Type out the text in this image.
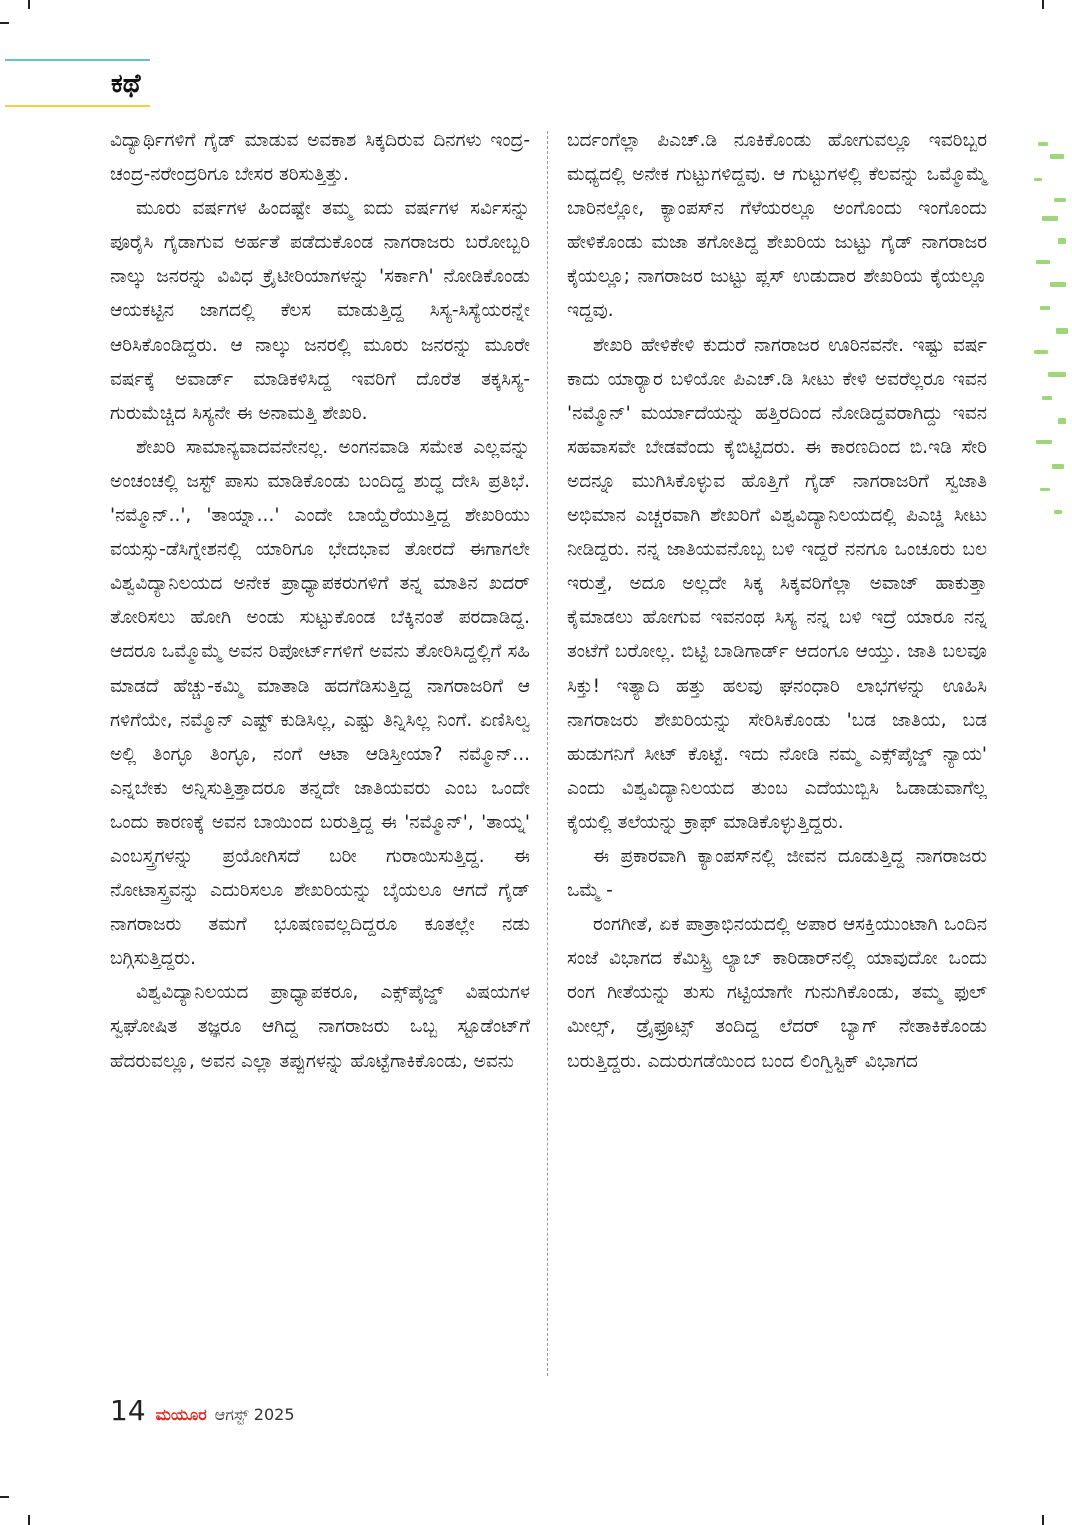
ಕಥೆ

ವಿದ್ಯಾರ್ಥಿಗಳಿಗೆ ಗೈಡ್ ಮಾಡುವ ಅವಕಾಶ ಸಿಕ್ಕದಿರುವ ದಿನಗಳು ಇಂದ್ರ-ಚಂದ್ರ-ನರೇಂದ್ರರಿಗೂ ಬೇಸರ ತರಿಸುತ್ತಿತ್ತು.

ಮೂರು ವರ್ಷಗಳ ಹಿಂದಷ್ಟೇ ತಮ್ಮ ಐದು ವರ್ಷಗಳ ಸರ್ವಿಸನ್ನು ಪೂರೈಸಿ ಗೈಡಾಗುವ ಅರ್ಹತೆ ಪಡೆದುಕೊಂಡ ನಾಗರಾಜರು ಬರೋಬ್ಬರಿ ನಾಲ್ಕು ಜನರನ್ನು ವಿವಿಧ ಕ್ರೈಟೀರಿಯಾಗಳನ್ನು 'ಸರ್ಕಾಗಿ' ನೋಡಿಕೊಂಡು ಆಯಕಟ್ಟಿನ ಜಾಗದಲ್ಲಿ ಕೆಲಸ ಮಾಡುತ್ತಿದ್ದ ಸಿಸ್ಯ-ಸಿಸ್ಯೆಯರನ್ನೇ ಆರಿಸಿಕೊಂಡಿದ್ದರು. ಆ ನಾಲ್ಕು ಜನರಲ್ಲಿ ಮೂರು ಜನರನ್ನು ಮೂರೇ ವರ್ಷಕ್ಕೆ ಅವಾರ್ಡ್ ಮಾಡಿಕಳಿಸಿದ್ದ ಇವರಿಗೆ ದೊರೆತ ತಕ್ಕಸಿಸ್ಯ-ಗುರುಮೆಚ್ಚಿದ ಸಿಸ್ಯನೇ ಈ ಅನಾಮತ್ತಿ ಶೇಖರಿ.

ಶೇಖರಿ ಸಾಮಾನ್ಯವಾದವನೇನಲ್ಲ. ಅಂಗನವಾಡಿ ಸಮೇತ ಎಲ್ಲವನ್ನು ಅಂಚಂಚಲ್ಲಿ ಜಸ್ಟ್ ಪಾಸು ಮಾಡಿಕೊಂಡು ಬಂದಿದ್ದ ಶುದ್ಧ ದೇಸಿ ಪ್ರತಿಭೆ. 'ನಮ್ಮೊನ್..', 'ತಾಯ್ನಾ...' ಎಂದೇ ಬಾಯ್ದೆರೆಯುತ್ತಿದ್ದ ಶೇಖರಿಯು ವಯಸ್ಸು-ಡೆಸಿಗ್ನೇಶನಲ್ಲಿ ಯಾರಿಗೂ ಭೇದಭಾವ ತೋರದೆ ಈಗಾಗಲೇ ವಿಶ್ವವಿದ್ಯಾನಿಲಯದ ಅನೇಕ ಪ್ರಾಧ್ಯಾಪಕರುಗಳಿಗೆ ತನ್ನ ಮಾತಿನ ಖದರ್ ತೋರಿಸಲು ಹೋಗಿ ಅಂಡು ಸುಟ್ಟುಕೊಂಡ ಬೆಕ್ಕಿನಂತೆ ಪರದಾಡಿದ್ದ. ಆದರೂ ಒಮ್ಮೊಮ್ಮೆ ಅವನ ರಿಪೋರ್ಟ್‌ಗಳಿಗೆ ಅವನು ತೋರಿಸಿದ್ದಲ್ಲಿಗೆ ಸಹಿ ಮಾಡದೆ ಹೆಚ್ಚು-ಕಮ್ಮಿ ಮಾತಾಡಿ ಹದಗೆಡಿಸುತ್ತಿದ್ದ ನಾಗರಾಜರಿಗೆ ಆ ಗಳಿಗೆಯೇ, ನಮ್ಮೊನ್ ಎಷ್ಟ್ ಕುಡಿಸಿಲ್ಲ, ಎಷ್ಟು ತಿನ್ನಿಸಿಲ್ಲ ನಿಂಗೆ. ಏಣಿಸಿಲ್ವ ಅಲ್ಲಿ ತಿಂಗ್ಳೂ ತಿಂಗ್ಳೂ, ನಂಗೆ ಆಟಾ ಆಡಿಸ್ತೀಯಾ? ನಮ್ಮೊನ್... ಎನ್ನಬೇಕು ಅನ್ನಿಸುತ್ತಿತ್ತಾದರೂ ತನ್ನದೇ ಜಾತಿಯವರು ಎಂಬ ಒಂದೇ ಒಂದು ಕಾರಣಕ್ಕೆ ಅವನ ಬಾಯಿಂದ ಬರುತ್ತಿದ್ದ ಈ 'ನಮ್ಮೊನ್', 'ತಾಯ್ನ' ಎಂಬಸ್ತ್ರಗಳನ್ನು ಪ್ರಯೋಗಿಸದೆ ಬರೀ ಗುರಾಯಿಸುತ್ತಿದ್ದ. ಈ ನೋಟಾಸ್ತ್ರವನ್ನು ಎದುರಿಸಲೂ ಶೇಖರಿಯನ್ನು ಬೈಯಲೂ ಆಗದೆ ಗೈಡ್ ನಾಗರಾಜರು ತಮಗೆ ಭೂಷಣವಲ್ಲದಿದ್ದರೂ ಕೂತಲ್ಲೇ ನಡು ಬಗ್ಗಿಸುತ್ತಿದ್ದರು.

ವಿಶ್ವವಿದ್ಯಾನಿಲಯದ ಪ್ರಾಧ್ಯಾಪಕರೂ, ಎಕ್ಸ್‌ಪೈಜ್ಡ್ ವಿಷಯಗಳ ಸ್ವಘೋಷಿತ ತಜ್ಞರೂ ಆಗಿದ್ದ ನಾಗರಾಜರು ಒಬ್ಬ ಸ್ಟೂಡೆಂಟ್‌ಗೆ ಹೆದರುವಲ್ಲೂ, ಅವನ ಎಲ್ಲಾ ತಪ್ಪುಗಳನ್ನು ಹೊಟ್ಟೆಗಾಕಿಕೊಂಡು, ಅವನು

ಬರ್ದಂಗೆಲ್ಲಾ ಪಿಎಚ್.ಡಿ ನೂಕಿಕೊಂಡು ಹೋಗುವಲ್ಲೂ ಇವರಿಬ್ಬರ ಮಧ್ಯದಲ್ಲಿ ಅನೇಕ ಗುಟ್ಟುಗಳಿದ್ದವು. ಆ ಗುಟ್ಟುಗಳಲ್ಲಿ ಕೆಲವನ್ನು ಒಮ್ಮೊಮ್ಮೆ ಬಾರಿನಲ್ಲೋ, ಕ್ಯಾಂಪಸ್‌ನ ಗೆಳೆಯರಲ್ಲೂ ಅಂಗೊಂದು ಇಂಗೊಂದು ಹೇಳಿಕೊಂಡು ಮಜಾ ತಗೋತಿದ್ದ ಶೇಖರಿಯ ಜುಟ್ಟು ಗೈಡ್ ನಾಗರಾಜರ ಕೈಯಲ್ಲೂ; ನಾಗರಾಜರ ಜುಟ್ಟು ಪ್ಲಸ್ ಉಡುದಾರ ಶೇಖರಿಯ ಕೈಯಲ್ಲೂ ಇದ್ದವು.

ಶೇಖರಿ ಹೇಳಿಕೇಳಿ ಕುದುರೆ ನಾಗರಾಜರ ಊರಿನವನೇ. ಇಷ್ಟು ವರ್ಷ ಕಾದು ಯಾರ್‍ಯಾರ ಬಳಿಯೋ ಪಿಎಚ್.ಡಿ ಸೀಟು ಕೇಳಿ ಅವರೆಲ್ಲರೂ ಇವನ 'ನಮ್ಮೊನ್' ಮರ್ಯಾದೆಯನ್ನು ಹತ್ತಿರದಿಂದ ನೋಡಿದ್ದವರಾಗಿದ್ದು ಇವನ ಸಹವಾಸವೇ ಬೇಡವೆಂದು ಕೈಬಿಟ್ಟಿದರು. ಈ ಕಾರಣದಿಂದ ಬಿ.ಇಡಿ ಸೇರಿ ಅದನ್ನೂ ಮುಗಿಸಿಕೊಳ್ಳುವ ಹೊತ್ತಿಗೆ ಗೈಡ್ ನಾಗರಾಜರಿಗೆ ಸ್ವಜಾತಿ ಅಭಿಮಾನ ಎಚ್ಚರವಾಗಿ ಶೇಖರಿಗೆ ವಿಶ್ವವಿದ್ಯಾನಿಲಯದಲ್ಲಿ ಪಿಎಚ್ಡಿ ಸೀಟು ನೀಡಿದ್ದರು. ನನ್ನ ಜಾತಿಯವನೊಬ್ಬ ಬಳಿ ಇದ್ದರೆ ನನಗೂ ಒಂಚೂರು ಬಲ ಇರುತ್ತೆ, ಅದೂ ಅಲ್ಲದೇ ಸಿಕ್ಕ ಸಿಕ್ಕವರಿಗೆಲ್ಲಾ ಅವಾಜ್ ಹಾಕುತ್ತಾ ಕೈಮಾಡಲು ಹೋಗುವ ಇವನಂಥ ಸಿಸ್ಯ ನನ್ನ ಬಳಿ ಇದ್ರೆ ಯಾರೂ ನನ್ನ ತಂಟೆಗೆ ಬರೋಲ್ಲ. ಬಿಟ್ಟಿ ಬಾಡಿಗಾರ್ಡ್ ಆದಂಗೂ ಆಯ್ತು. ಜಾತಿ ಬಲವೂ ಸಿಕ್ತು! ಇತ್ಯಾದಿ ಹತ್ತು ಹಲವು ಘನಂಧಾರಿ ಲಾಭಗಳನ್ನು ಊಹಿಸಿ ನಾಗರಾಜರು ಶೇಖರಿಯನ್ನು ಸೇರಿಸಿಕೊಂಡು 'ಬಡ ಜಾತಿಯ, ಬಡ ಹುಡುಗನಿಗೆ ಸೀಟ್ ಕೊಟ್ಟೆ. ಇದು ನೋಡಿ ನಮ್ಮ ಎಕ್ಸ್‌ಪೈಜ್ಡ್ ನ್ಯಾಯ' ಎಂದು ವಿಶ್ವವಿದ್ಯಾನಿಲಯದ ತುಂಬ ಎದೆಯುಬ್ಬಿಸಿ ಓಡಾಡುವಾಗೆಲ್ಲ ಕೈಯಲ್ಲಿ ತಲೆಯನ್ನು ಕ್ರಾಫ್ ಮಾಡಿಕೊಳ್ಳುತ್ತಿದ್ದರು.

ಈ ಪ್ರಕಾರವಾಗಿ ಕ್ಯಾಂಪಸ್‌ನಲ್ಲಿ ಜೀವನ ದೂಡುತ್ತಿದ್ದ ನಾಗರಾಜರು ಒಮ್ಮೆ -

ರಂಗಗೀತೆ, ಏಕ ಪಾತ್ರಾಭಿನಯದಲ್ಲಿ ಅಪಾರ ಆಸಕ್ತಿಯುಂಟಾಗಿ ಒಂದಿನ ಸಂಜೆ ವಿಭಾಗದ ಕೆಮಿಸ್ಟ್ರಿ ಲ್ಯಾಬ್ ಕಾರಿಡಾರ್‌ನಲ್ಲಿ ಯಾವುದೋ ಒಂದು ರಂಗ ಗೀತೆಯನ್ನು ತುಸು ಗಟ್ಟಿಯಾಗೇ ಗುನುಗಿಕೊಂಡು, ತಮ್ಮ ಫುಲ್ ಮೀಲ್ಸ್, ಡ್ರೈಫ್ರೂಟ್ಸ್ ತಂದಿದ್ದ ಲೆದರ್ ಬ್ಯಾಗ್ ನೇತಾಕಿಕೊಂಡು ಬರುತ್ತಿದ್ದರು. ಎದುರುಗಡೆಯಿಂದ ಬಂದ ಲಿಂಗ್ವಿಸ್ಟಿಕ್ ವಿಭಾಗದ

14 ಮಯೂರ ಆಗಸ್ಟ್ 2025
